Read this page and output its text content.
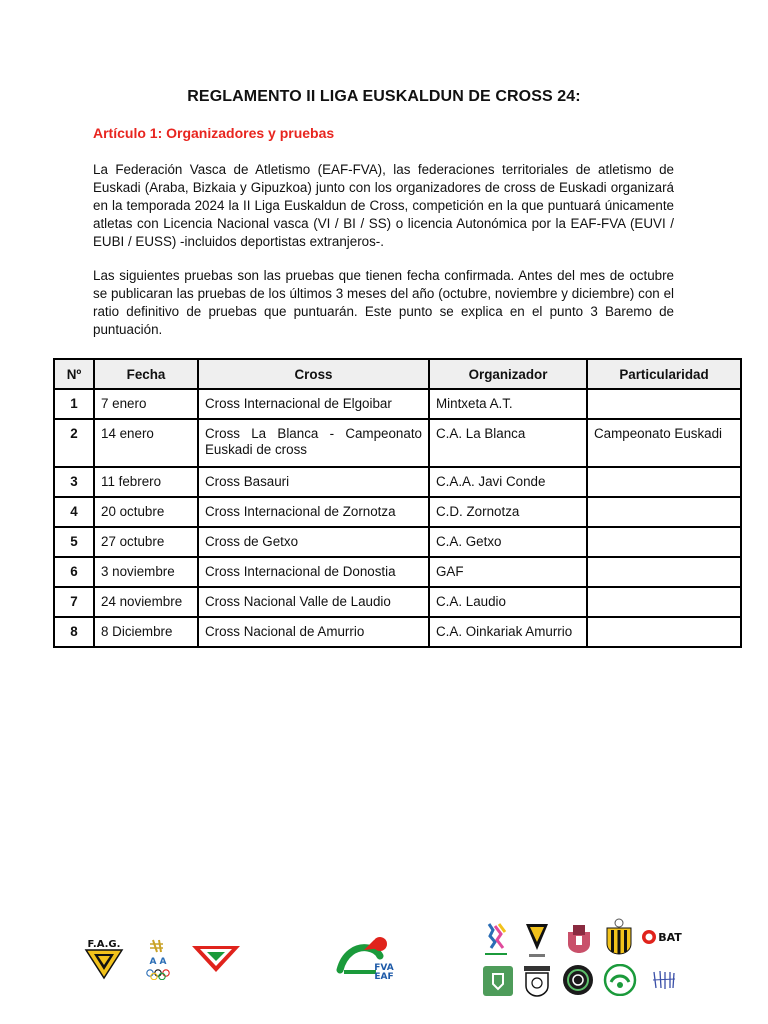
REGLAMENTO II LIGA EUSKALDUN DE CROSS 24:
Artículo 1: Organizadores y pruebas

La Federación Vasca de Atletismo (EAF-FVA), las federaciones territoriales de atletismo de Euskadi (Araba, Bizkaia y Gipuzkoa) junto con los organizadores de cross de Euskadi organizará en la temporada 2024 la II Liga Euskaldun de Cross, competición en la que puntuará únicamente atletas con Licencia Nacional vasca (VI / BI / SS) o licencia Autonómica por la EAF-FVA (EUVI / EUBI / EUSS) -incluidos deportistas extranjeros-.

Las siguientes pruebas son las pruebas que tienen fecha confirmada. Antes del mes de octubre se publicaran las pruebas de los últimos 3 meses del año (octubre, noviembre y diciembre) con el ratio definitivo de pruebas que puntuarán. Este punto se explica en el punto 3 Baremo de puntuación.

Nº	Fecha	Cross	Organizador	Particularidad
1	7 enero	Cross Internacional de Elgoibar	Mintxeta A.T.	
2	14 enero	Cross La Blanca - Campeonato Euskadi de cross	C.A. La Blanca	Campeonato Euskadi
3	11 febrero	Cross Basauri	C.A.A. Javi Conde	
4	20 octubre	Cross Internacional de Zornotza	C.D. Zornotza	
5	27 octubre	Cross de Getxo	C.A. Getxo	
6	3 noviembre	Cross Internacional de Donostia	GAF	
7	24 noviembre	Cross Nacional Valle de Laudio	C.A. Laudio	
8	8 Diciembre	Cross Nacional de Amurrio	C.A. Oinkariak Amurrio	
F.A.G.
A A
FVA
EAF
BAT
